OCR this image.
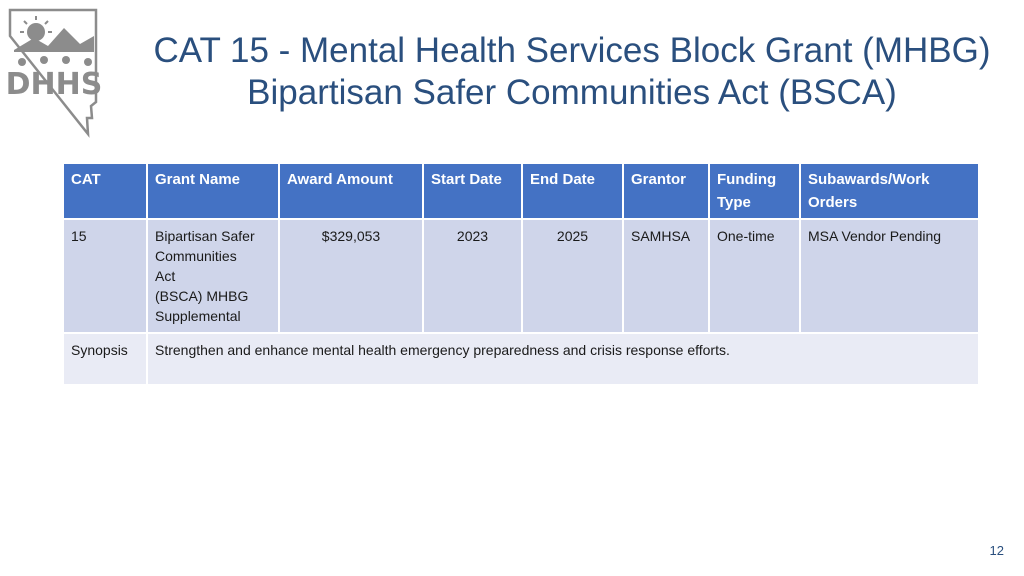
DHHS
CAT 15 - Mental Health Services Block Grant (MHBG)
Bipartisan Safer Communities Act (BSCA)
CAT	Grant Name	Award Amount	Start Date	End Date	Grantor	Funding Type	Subawards/Work Orders
15	Bipartisan Safer
Communities
Act
(BSCA) MHBG
Supplemental	$329,053	2023	2025	SAMHSA	One-time	MSA Vendor Pending
Synopsis	Strengthen and enhance mental health emergency preparedness and crisis response efforts.						
12
